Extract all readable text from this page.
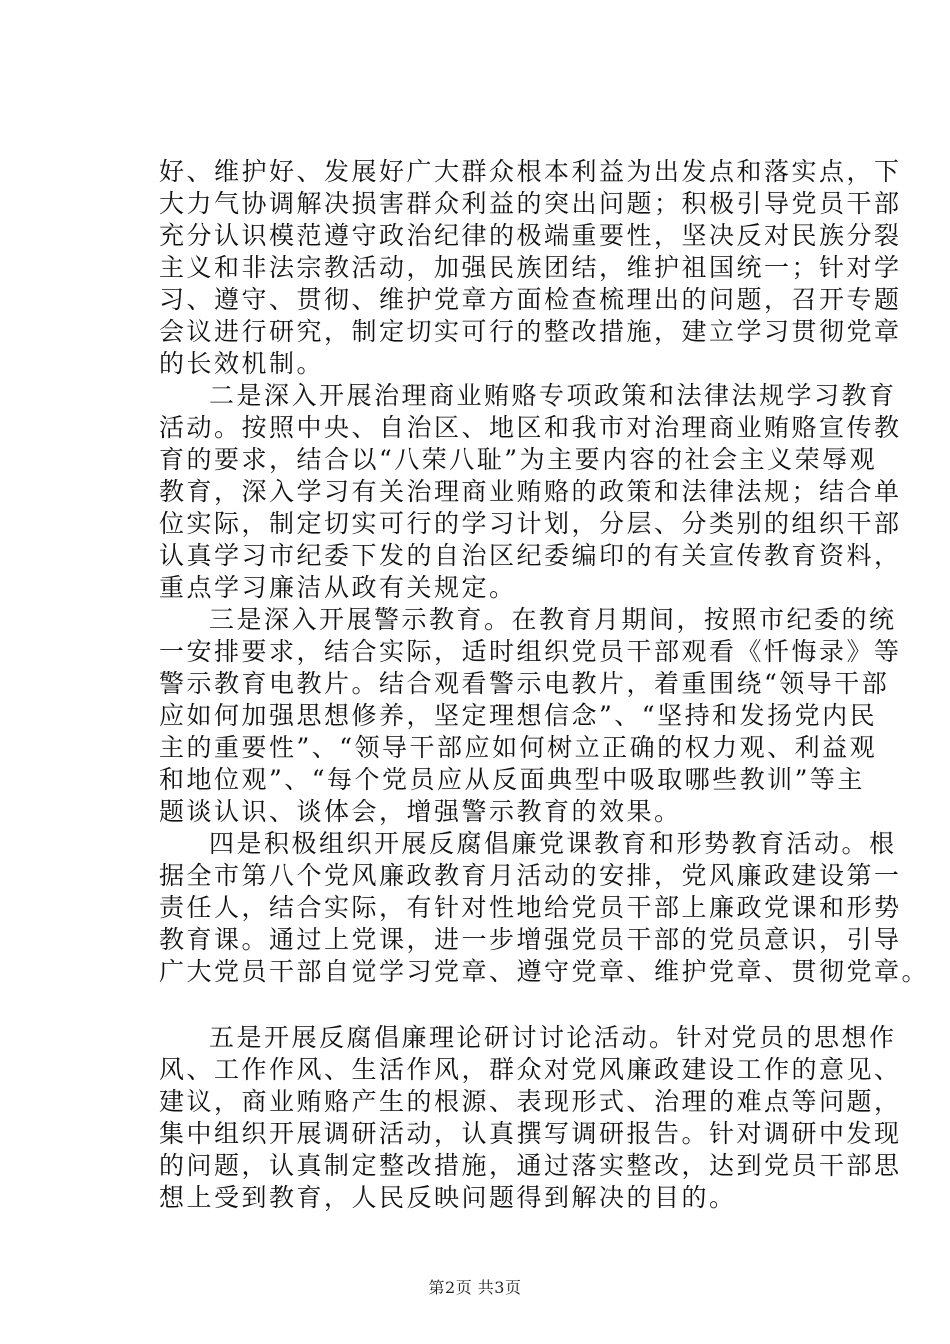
好、维护好、发展好广大群众根本利益为出发点和落实点，下
大力气协调解决损害群众利益的突出问题；积极引导党员干部
充分认识模范遵守政治纪律的极端重要性，坚决反对民族分裂
主义和非法宗教活动，加强民族团结，维护祖国统一；针对学
习、遵守、贯彻、维护党章方面检查梳理出的问题，召开专题
会议进行研究，制定切实可行的整改措施，建立学习贯彻党章
的长效机制。
二是深入开展治理商业贿赂专项政策和法律法规学习教育
活动。按照中央、自治区、地区和我市对治理商业贿赂宣传教
育的要求，结合以“八荣八耻”为主要内容的社会主义荣辱观
教育，深入学习有关治理商业贿赂的政策和法律法规；结合单
位实际，制定切实可行的学习计划，分层、分类别的组织干部
认真学习市纪委下发的自治区纪委编印的有关宣传教育资料，
重点学习廉洁从政有关规定。
三是深入开展警示教育。在教育月期间，按照市纪委的统
一安排要求，结合实际，适时组织党员干部观看《忏悔录》等
警示教育电教片。结合观看警示电教片，着重围绕“领导干部
应如何加强思想修养，坚定理想信念”、“坚持和发扬党内民
主的重要性”、“领导干部应如何树立正确的权力观、利益观
和地位观”、“每个党员应从反面典型中吸取哪些教训”等主
题谈认识、谈体会，增强警示教育的效果。
四是积极组织开展反腐倡廉党课教育和形势教育活动。根
据全市第八个党风廉政教育月活动的安排，党风廉政建设第一
责任人，结合实际，有针对性地给党员干部上廉政党课和形势
教育课。通过上党课，进一步增强党员干部的党员意识，引导
广大党员干部自觉学习党章、遵守党章、维护党章、贯彻党章。
五是开展反腐倡廉理论研讨讨论活动。针对党员的思想作
风、工作作风、生活作风，群众对党风廉政建设工作的意见、
建议，商业贿赂产生的根源、表现形式、治理的难点等问题，
集中组织开展调研活动，认真撰写调研报告。针对调研中发现
的问题，认真制定整改措施，通过落实整改，达到党员干部思
想上受到教育，人民反映问题得到解决的目的。
第2页 共3页
